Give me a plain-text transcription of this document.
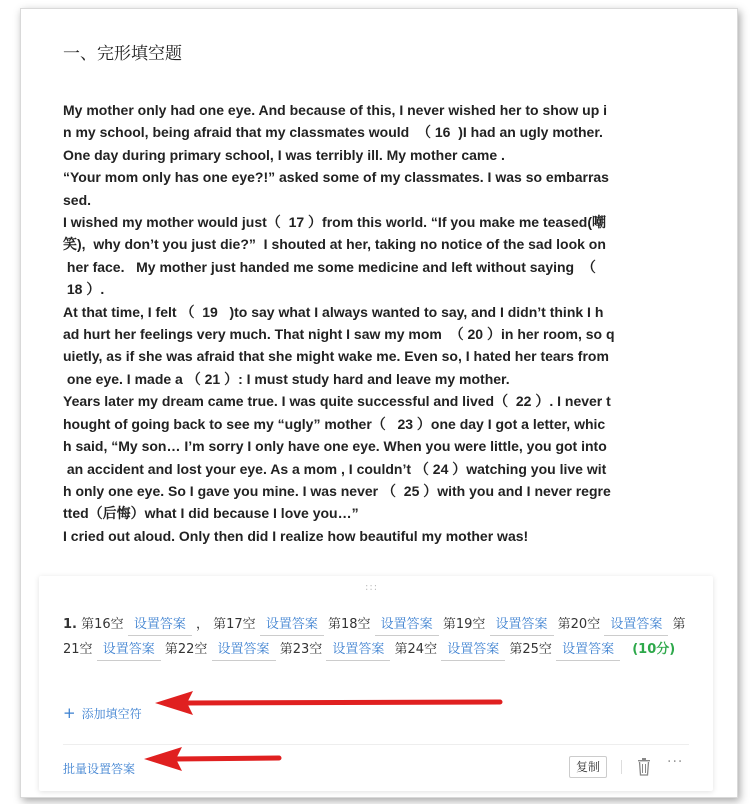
一、完形填空题
My mother only had one eye. And because of this, I never wished her to show up i
n my school, being afraid that my classmates would  （ 16  )I had an ugly mother.
One day during primary school, I was terribly ill. My mother came .
“Your mom only has one eye?!” asked some of my classmates. I was so embarras
sed.
I wished my mother would just（  17 ）from this world. “If you make me teased(嘲
笑),  why don’t you just die?”  I shouted at her, taking no notice of the sad look on
her face.   My mother just handed me some medicine and left without saying  （
18 ）.
At that time, I felt （  19   )to say what I always wanted to say, and I didn’t think I h
ad hurt her feelings very much. That night I saw my mom  （ 20 ）in her room, so q
uietly, as if she was afraid that she might wake me. Even so, I hated her tears from
one eye. I made a （ 21 ）: I must study hard and leave my mother.
Years later my dream came true. I was quite successful and lived（  22 ）. I never t
hought of going back to see my “ugly” mother（   23 ）one day I got a letter, whic
h said, “My son… I’m sorry I only have one eye. When you were little, you got into
an accident and lost your eye. As a mom , I couldn’t （ 24 ）watching you live wit
h only one eye. So I gave you mine. I was never （  25 ）with you and I never regre
tted（后悔）what I did because I love you…”
I cried out aloud. Only then did I realize how beautiful my mother was!
:::
1. 第16空 设置答案 ， 第17空 设置答案 第18空 设置答案 第19空 设置答案 第20空 设置答案 第21空 设置答案 第22空 设置答案 第23空 设置答案 第24空 设置答案 第25空 设置答案 (10分)
+ 添加填空符
批量设置答案	复制	···
